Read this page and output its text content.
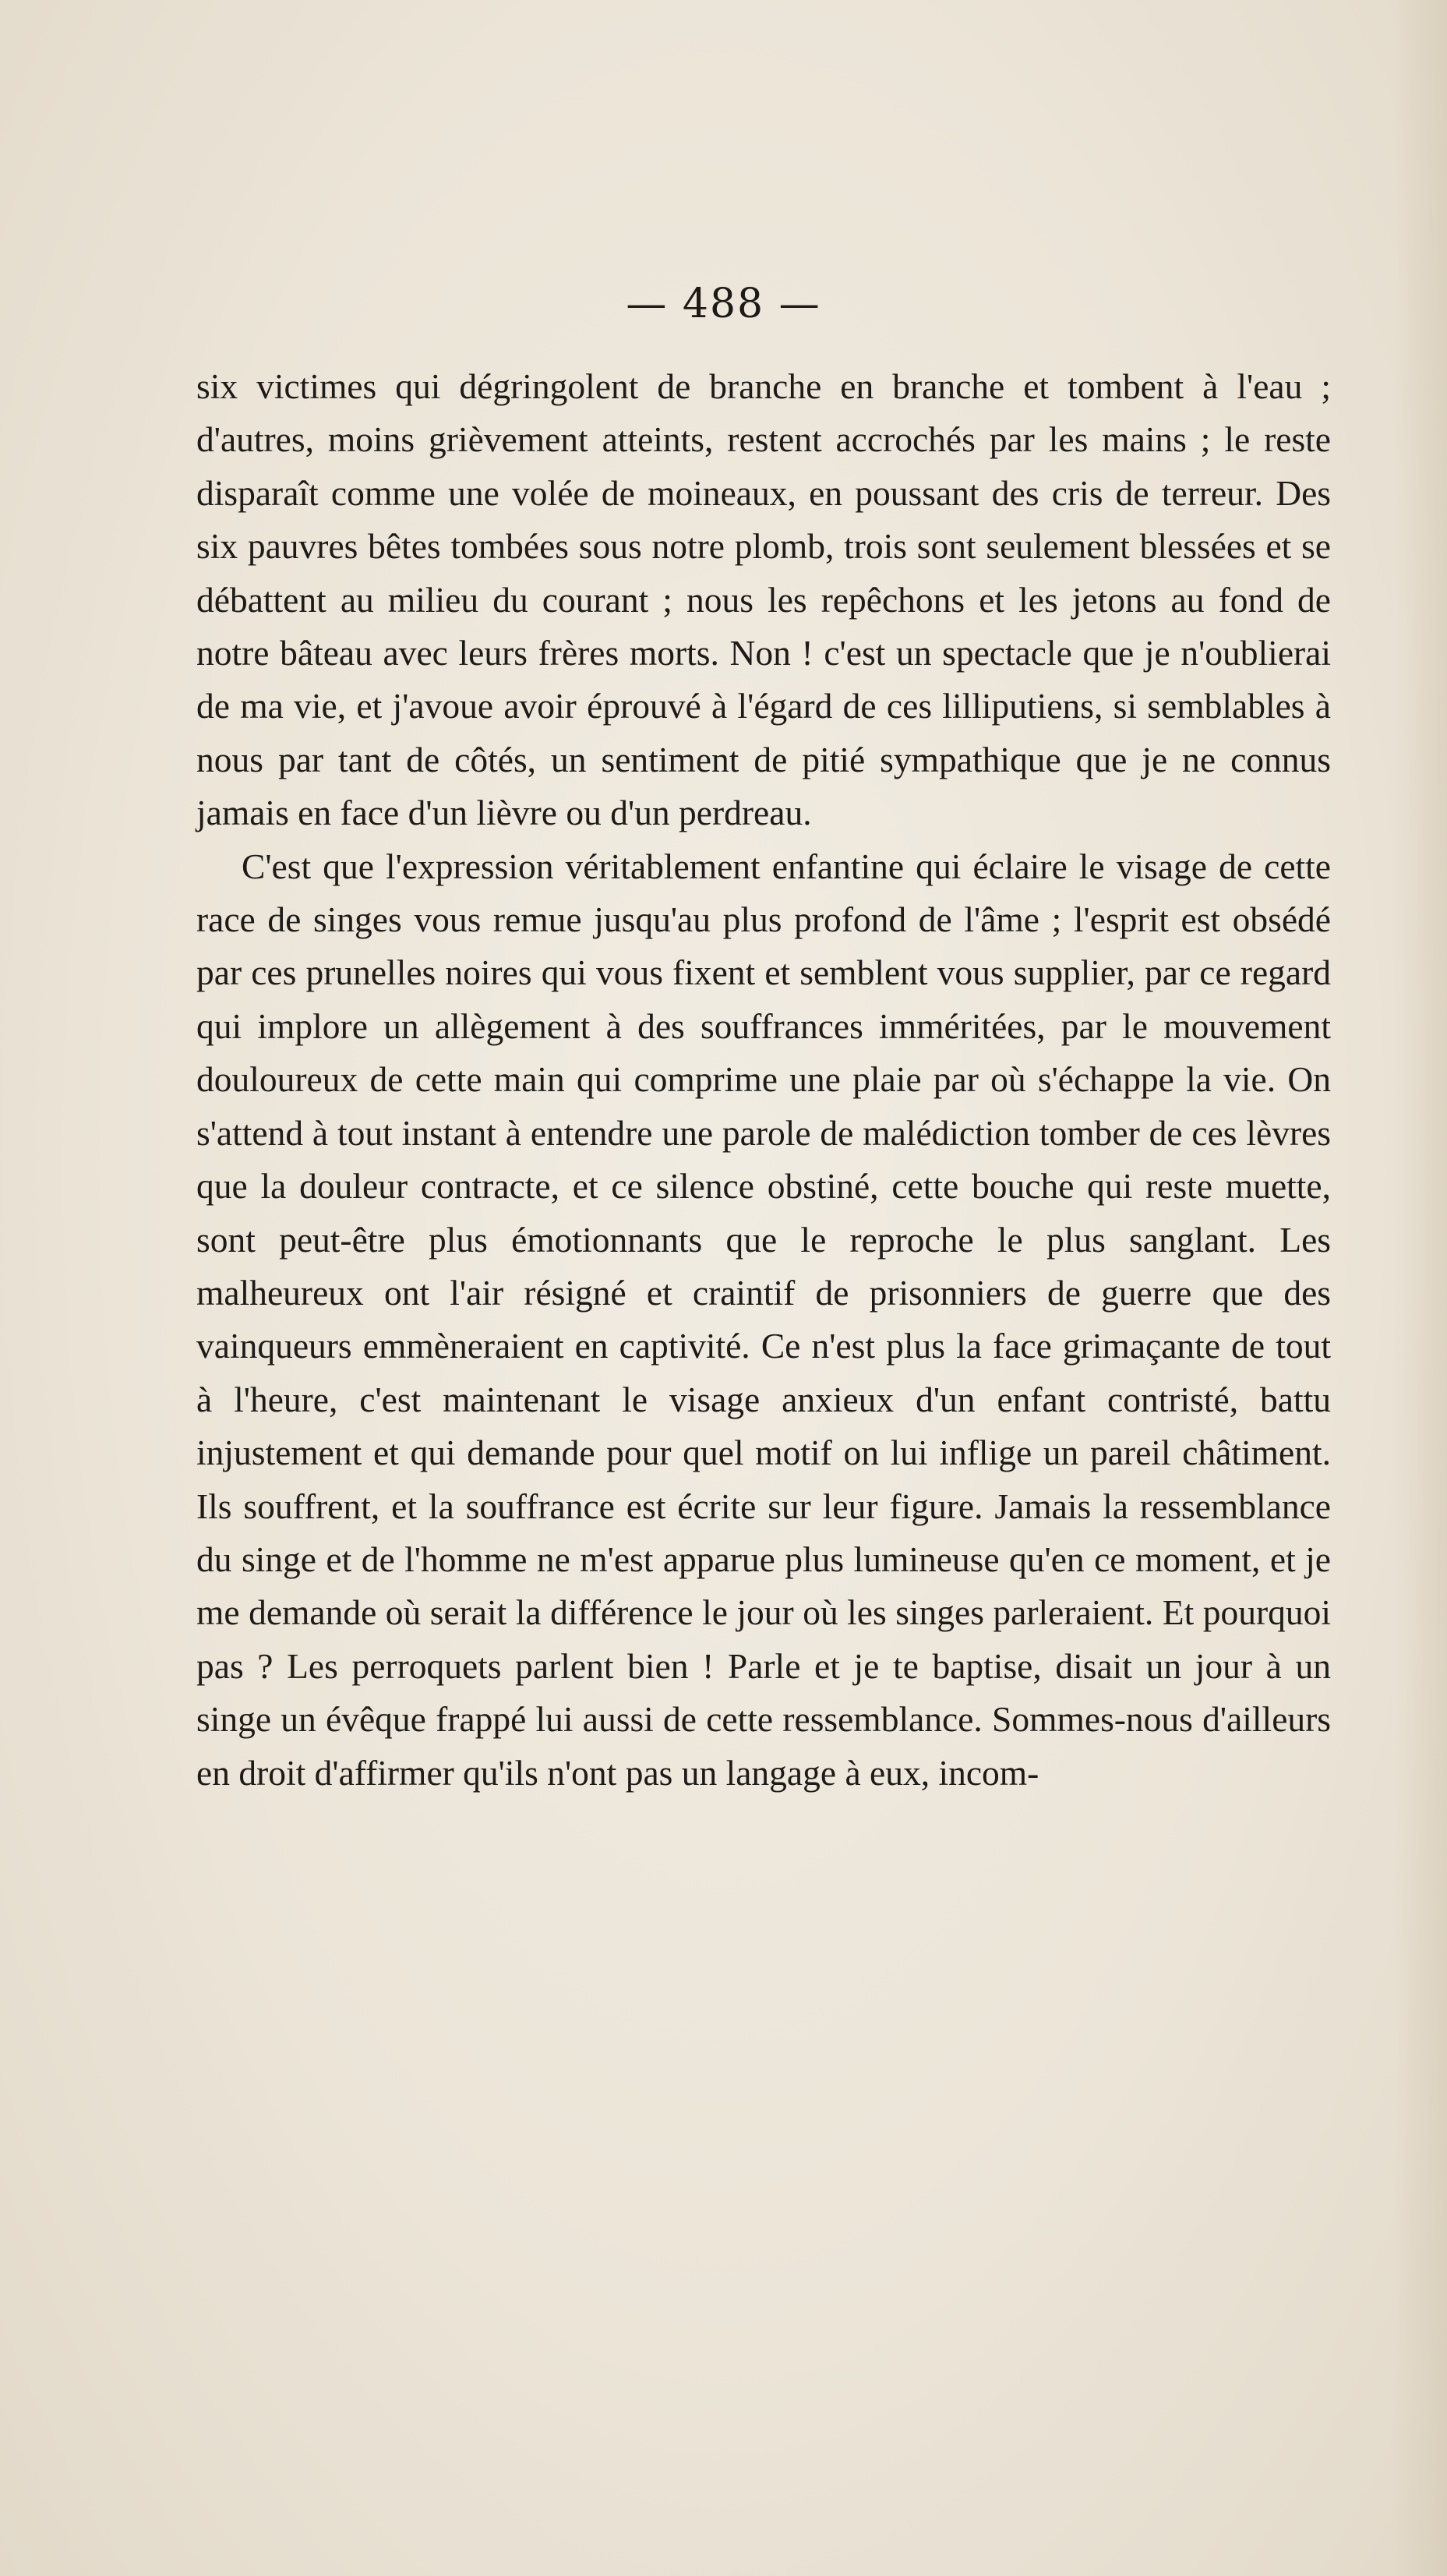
— 488 —

six victimes qui dégringolent de branche en branche et tombent à l'eau ; d'autres, moins grièvement atteints, restent accrochés par les mains ; le reste disparaît comme une volée de moineaux, en poussant des cris de terreur. Des six pauvres bêtes tombées sous notre plomb, trois sont seulement blessées et se débattent au milieu du courant ; nous les repêchons et les jetons au fond de notre bâteau avec leurs frères morts. Non ! c'est un spectacle que je n'oublierai de ma vie, et j'avoue avoir éprouvé à l'égard de ces lilliputiens, si semblables à nous par tant de côtés, un sentiment de pitié sympathique que je ne connus jamais en face d'un lièvre ou d'un perdreau.

C'est que l'expression véritablement enfantine qui éclaire le visage de cette race de singes vous remue jusqu'au plus profond de l'âme ; l'esprit est obsédé par ces prunelles noires qui vous fixent et semblent vous supplier, par ce regard qui implore un allègement à des souffrances imméritées, par le mouvement douloureux de cette main qui comprime une plaie par où s'échappe la vie. On s'attend à tout instant à entendre une parole de malédiction tomber de ces lèvres que la douleur contracte, et ce silence obstiné, cette bouche qui reste muette, sont peut-être plus émotionnants que le reproche le plus sanglant. Les malheureux ont l'air résigné et craintif de prisonniers de guerre que des vainqueurs emmèneraient en captivité. Ce n'est plus la face grimaçante de tout à l'heure, c'est maintenant le visage anxieux d'un enfant contristé, battu injustement et qui demande pour quel motif on lui inflige un pareil châtiment. Ils souffrent, et la souffrance est écrite sur leur figure. Jamais la ressemblance du singe et de l'homme ne m'est apparue plus lumineuse qu'en ce moment, et je me demande où serait la différence le jour où les singes parleraient. Et pourquoi pas ? Les perroquets parlent bien ! Parle et je te baptise, disait un jour à un singe un évêque frappé lui aussi de cette ressemblance. Sommes-nous d'ailleurs en droit d'affirmer qu'ils n'ont pas un langage à eux, incom-
